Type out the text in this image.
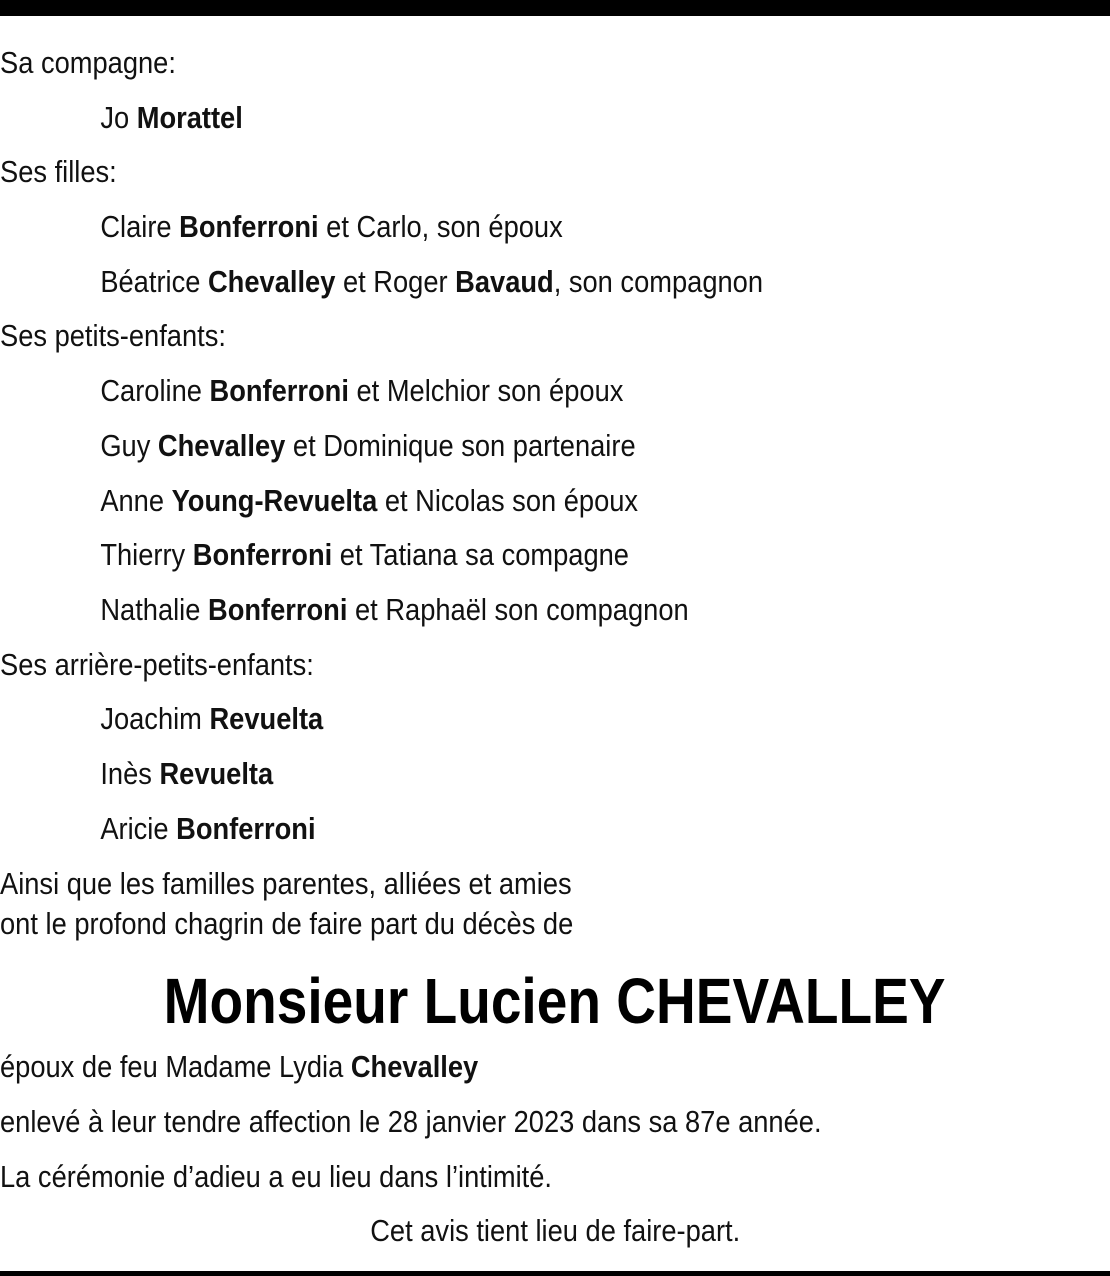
Sa compagne:
Jo Morattel
Ses filles:
Claire Bonferroni et Carlo, son époux
Béatrice Chevalley et Roger Bavaud, son compagnon
Ses petits-enfants:
Caroline Bonferroni et Melchior son époux
Guy Chevalley et Dominique son partenaire
Anne Young-Revuelta et Nicolas son époux
Thierry Bonferroni et Tatiana sa compagne
Nathalie Bonferroni et Raphaël son compagnon
Ses arrière-petits-enfants:
Joachim Revuelta
Inès Revuelta
Aricie Bonferroni
Ainsi que les familles parentes, alliées et amies
ont le profond chagrin de faire part du décès de
Monsieur Lucien CHEVALLEY
époux de feu Madame Lydia Chevalley
enlevé à leur tendre affection le 28 janvier 2023 dans sa 87e année.
La cérémonie d’adieu a eu lieu dans l’intimité.
Cet avis tient lieu de faire-part.
